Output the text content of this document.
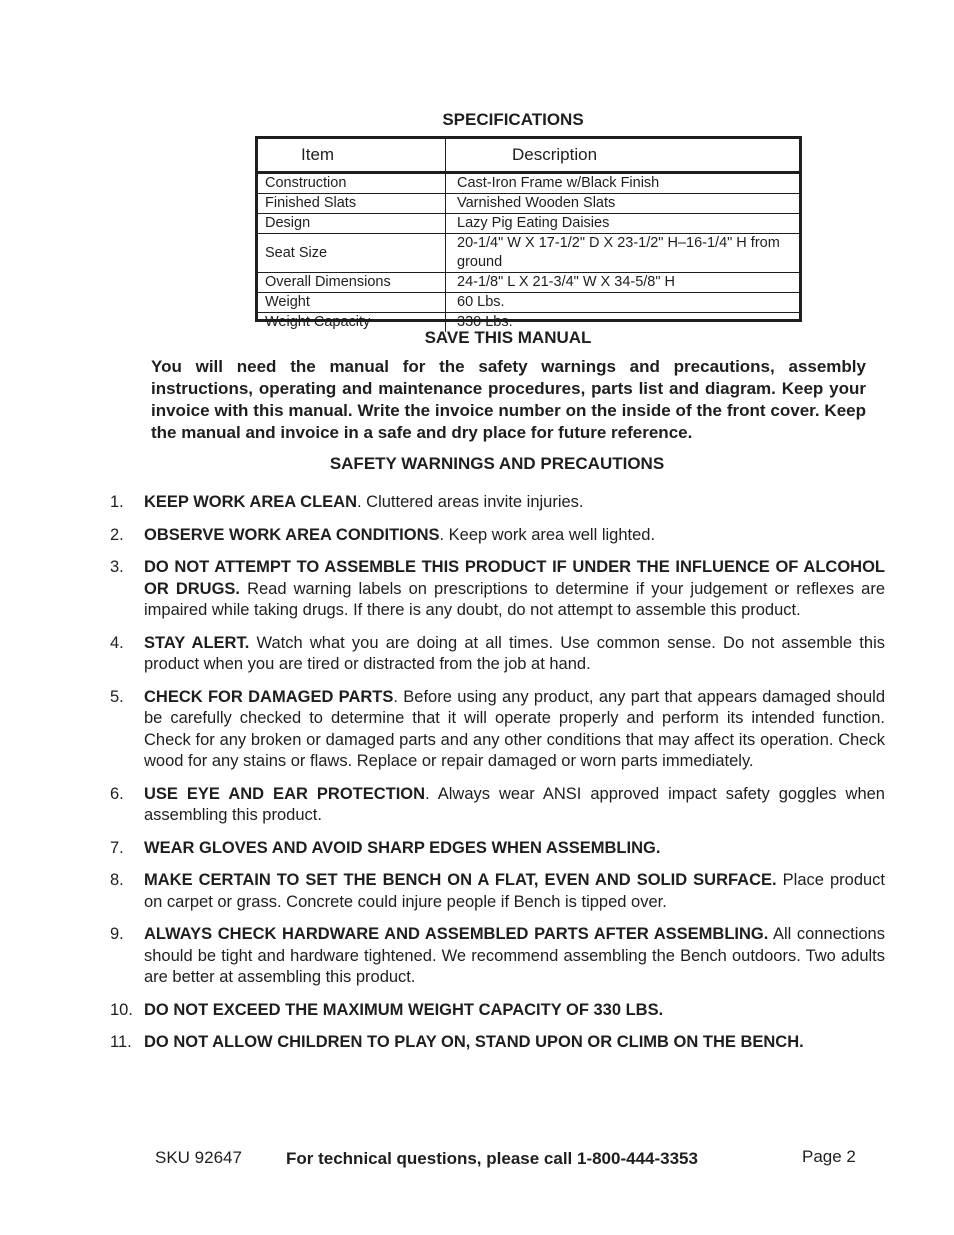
SPECIFICATIONS
Item	Description
Construction	Cast-Iron Frame w/Black Finish
Finished Slats	Varnished Wooden Slats
Design	Lazy Pig Eating Daisies
Seat Size	20-1/4" W X 17-1/2" D X 23-1/2" H–16-1/4" H from ground
Overall Dimensions	24-1/8" L X 21-3/4" W X 34-5/8" H
Weight	60 Lbs.
Weight Capacity	330 Lbs.
SAVE THIS MANUAL
You will need the manual for the safety warnings and precautions, assembly instructions, operating and maintenance procedures, parts list and diagram. Keep your invoice with this manual. Write the invoice number on the inside of the front cover. Keep the manual and invoice in a safe and dry place for future reference.
SAFETY WARNINGS AND PRECAUTIONS
1. KEEP WORK AREA CLEAN. Cluttered areas invite injuries.
2. OBSERVE WORK AREA CONDITIONS. Keep work area well lighted.
3. DO NOT ATTEMPT TO ASSEMBLE THIS PRODUCT IF UNDER THE INFLUENCE OF ALCOHOL OR DRUGS. Read warning labels on prescriptions to determine if your judgement or reflexes are impaired while taking drugs. If there is any doubt, do not attempt to assemble this product.
4. STAY ALERT. Watch what you are doing at all times. Use common sense. Do not assemble this product when you are tired or distracted from the job at hand.
5. CHECK FOR DAMAGED PARTS. Before using any product, any part that appears damaged should be carefully checked to determine that it will operate properly and perform its intended function. Check for any broken or damaged parts and any other conditions that may affect its operation. Check wood for any stains or flaws. Replace or repair damaged or worn parts immediately.
6. USE EYE AND EAR PROTECTION. Always wear ANSI approved impact safety goggles when assembling this product.
7. WEAR GLOVES AND AVOID SHARP EDGES WHEN ASSEMBLING.
8. MAKE CERTAIN TO SET THE BENCH ON A FLAT, EVEN AND SOLID SURFACE. Place product on carpet or grass. Concrete could injure people if Bench is tipped over.
9. ALWAYS CHECK HARDWARE AND ASSEMBLED PARTS AFTER ASSEMBLING. All connections should be tight and hardware tightened. We recommend assembling the Bench outdoors. Two adults are better at assembling this product.
10. DO NOT EXCEED THE MAXIMUM WEIGHT CAPACITY OF 330 LBS.
11. DO NOT ALLOW CHILDREN TO PLAY ON, STAND UPON OR CLIMB ON THE BENCH.
SKU 92647	For technical questions, please call 1-800-444-3353	Page 2
